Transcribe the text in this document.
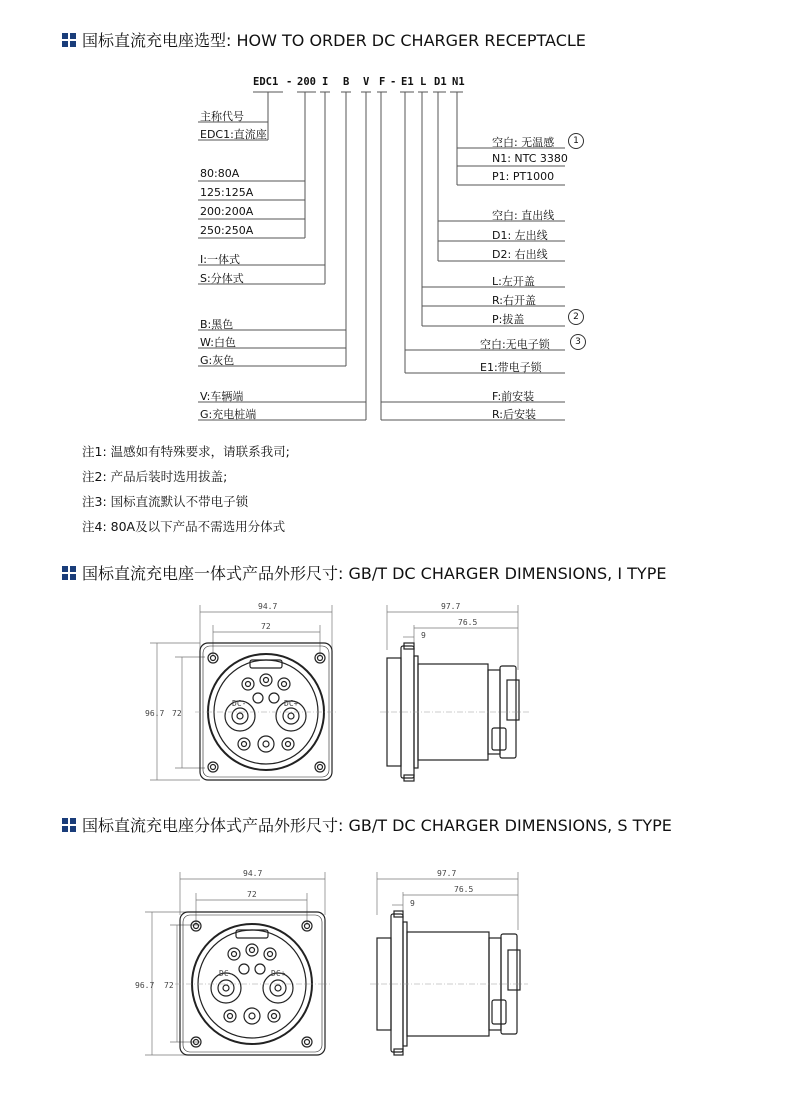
国标直流充电座选型: HOW TO ORDER DC CHARGER RECEPTACLE
EDC1 - 200 I B V F - E1 L D1 N1
主称代号
EDC1:直流座
80:80A
125:125A
200:200A
250:250A
I:一体式
S:分体式
B:黑色
W:白色
G:灰色
V:车辆端
G:充电桩端
空白: 无温感
N1: NTC 3380
P1: PT1000
空白: 直出线
D1: 左出线
D2: 右出线
L:左开盖
R:右开盖
P:拔盖
空白:无电子锁
E1:带电子锁
F:前安装
R:后安装
1
2
3
注1: 温感如有特殊要求，请联系我司;
注2: 产品后装时选用拔盖;
注3: 国标直流默认不带电子锁
注4: 80A及以下产品不需选用分体式
国标直流充电座一体式产品外形尺寸: GB/T DC CHARGER DIMENSIONS, I TYPE
94.7
72
96.7 72
97.7
76.5
9
DC-	DC+
国标直流充电座分体式产品外形尺寸: GB/T DC CHARGER DIMENSIONS, S TYPE
94.7
72
96.7 72
97.7
76.5
9
DC-	DC+
